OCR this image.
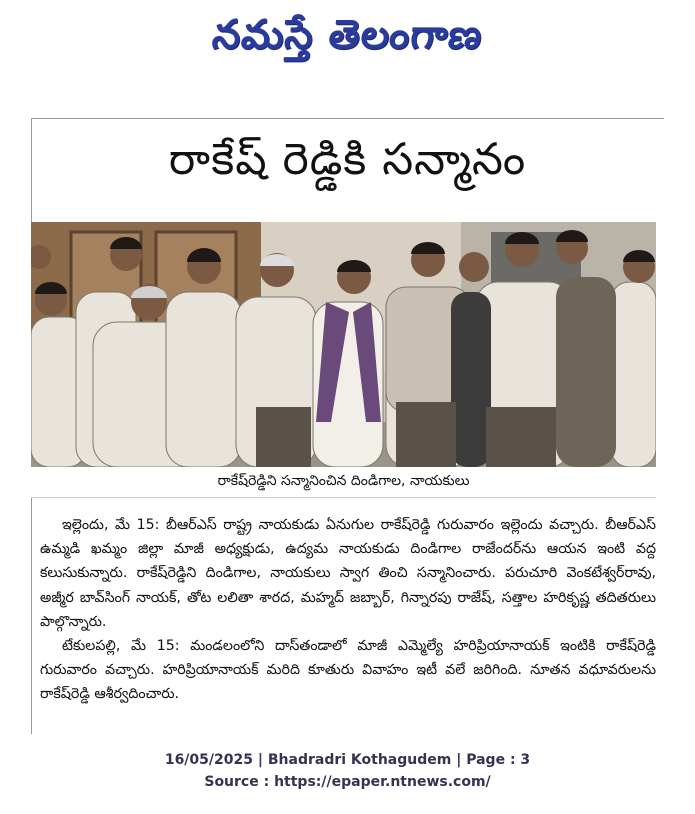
నమస్తే తెలంగాణ
రాకేష్ రెడ్డికి సన్మానం
రాకేష్‌రెడ్డిని సన్మానించిన దిండిగాల, నాయకులు

ఇల్లెందు, మే 15: బీఆర్‌ఎస్ రాష్ట్ర నాయకుడు ఏనుగుల రాకేష్‌రెడ్డి గురువారం ఇల్లెందు వచ్చారు. బీఆర్‌ఎస్ ఉమ్మడి ఖమ్మం జిల్లా మాజీ అధ్యక్షుడు, ఉద్యమ నాయకుడు దిండిగాల రాజేందర్‌ను ఆయన ఇంటి వద్ద కలుసుకున్నారు. రాకేష్‌రెడ్డిని దిండిగాల, నాయకులు స్వాగ తించి సన్మానించారు. పరుచూరి వెంకటేశ్వర్‌రావు, అజ్మీర బావ్‌సింగ్ నాయక్, తోట లలితా శారద, మహ్మద్ జబ్బార్, గిన్నారపు రాజేష్, సత్తాల హరికృష్ణ తదితరులు పాల్గొన్నారు.

టేకులపల్లి, మే 15: మండలంలోని దాస్‌తండాలో మాజీ ఎమ్మెల్యే హరిప్రియానాయక్ ఇంటికి రాకేష్‌రెడ్డి గురువారం వచ్చారు. హరిప్రియానాయక్ మరిది కూతురు వివాహం ఇటీ వలే జరిగింది. నూతన వధూవరులను రాకేష్‌రెడ్డి ఆశీర్వదించారు.

16/05/2025 | Bhadradri Kothagudem | Page : 3
Source : https://epaper.ntnews.com/
